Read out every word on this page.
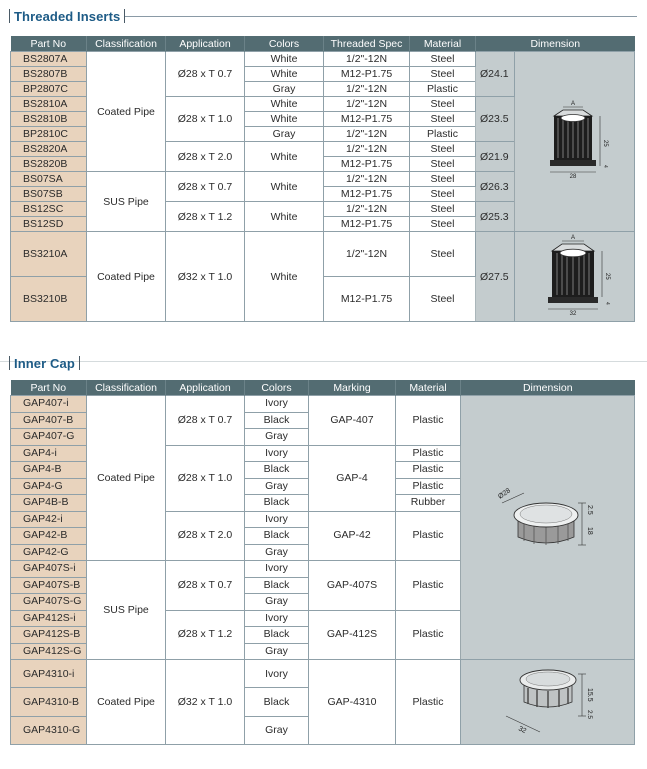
Threaded Inserts
Part No	Classification	Application	Colors	Threaded Spec	Material	Dimension	
BS2807A	Coated Pipe	Ø28 x T 0.7	White	1/2"-12N	Steel	Ø24.1	A
25
28
4

BS2807B			White	M12-P1.75	Steel		
BP2807C			Gray	1/2"-12N	Plastic		
BS2810A		Ø28 x T 1.0	White	1/2"-12N	Steel	Ø23.5	
BS2810B			White	M12-P1.75	Steel		
BP2810C			Gray	1/2"-12N	Plastic		
BS2820A		Ø28 x T 2.0	White	1/2"-12N	Steel	Ø21.9	
BS2820B				M12-P1.75	Steel		
BS07SA	SUS Pipe	Ø28 x T 0.7	White	1/2"-12N	Steel	Ø26.3	
BS07SB				M12-P1.75	Steel		
BS12SC		Ø28 x T 1.2	White	1/2"-12N	Steel	Ø25.3	
BS12SD				M12-P1.75	Steel		
BS3210A	Coated Pipe	Ø32 x T 1.0	White	1/2"-12N	Steel	Ø27.5	A
25
32
4

BS3210B				M12-P1.75	Steel		
Inner Cap
Part No	Classification	Application	Colors	Marking	Material	Dimension
GAP407-i	Coated Pipe	Ø28 x T 0.7	Ivory	GAP-407	Plastic	Ø28
2.5
18

GAP407-B			Black			
GAP407-G			Gray			
GAP4-i		Ø28 x T 1.0	Ivory	GAP-4	Plastic	
GAP4-B			Black		Plastic	
GAP4-G			Gray		Plastic	
GAP4B-B			Black		Rubber	
GAP42-i		Ø28 x T 2.0	Ivory	GAP-42	Plastic	
GAP42-B			Black			
GAP42-G			Gray			
GAP407S-i	SUS Pipe	Ø28 x T 0.7	Ivory	GAP-407S	Plastic	
GAP407S-B			Black			
GAP407S-G			Gray			
GAP412S-i		Ø28 x T 1.2	Ivory	GAP-412S	Plastic	
GAP412S-B			Black			
GAP412S-G			Gray			
GAP4310-i	Coated Pipe	Ø32 x T 1.0	Ivory	GAP-4310	Plastic	32
15.5
2.5

GAP4310-B			Black			
GAP4310-G			Gray			
